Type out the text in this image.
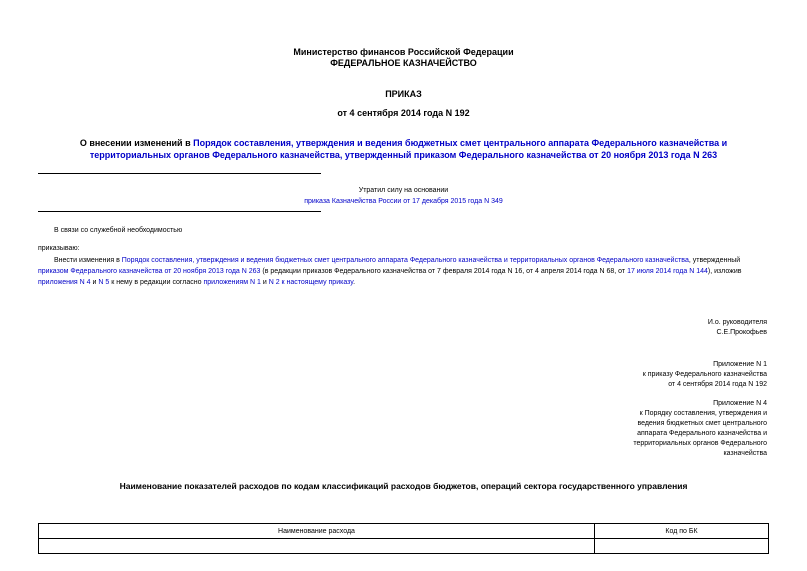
Министерство финансов Российской Федерации
ФЕДЕРАЛЬНОЕ КАЗНАЧЕЙСТВО
ПРИКАЗ
от 4 сентября 2014 года N 192
О внесении изменений в Порядок составления, утверждения и ведения бюджетных смет центрального аппарата Федерального казначейства и территориальных органов Федерального казначейства, утвержденный приказом Федерального казначейства от 20 ноября 2013 года N 263
Утратил силу на основании
приказа Казначейства России от 17 декабря 2015 года N 349
В связи со служебной необходимостью
приказываю:
Внести изменения в Порядок составления, утверждения и ведения бюджетных смет центрального аппарата Федерального казначейства и территориальных органов Федерального казначейства, утвержденный приказом Федерального казначейства от 20 ноября 2013 года N 263 (в редакции приказов Федерального казначейства от 7 февраля 2014 года N 16, от 4 апреля 2014 года N 68, от 17 июля 2014 года N 144), изложив приложения N 4 и N 5 к нему в редакции согласно приложениям N 1 и N 2 к настоящему приказу.
И.о. руководителя
С.Е.Прокофьев
Приложение N 1
к приказу Федерального казначейства
от 4 сентября 2014 года N 192
Приложение N 4
к Порядку составления, утверждения и
ведения бюджетных смет центрального
аппарата Федерального казначейства и
территориальных органов Федерального
казначейства
Наименование показателей расходов по кодам классификаций расходов бюджетов, операций сектора государственного управления
Наименование расхода	Код по БК
